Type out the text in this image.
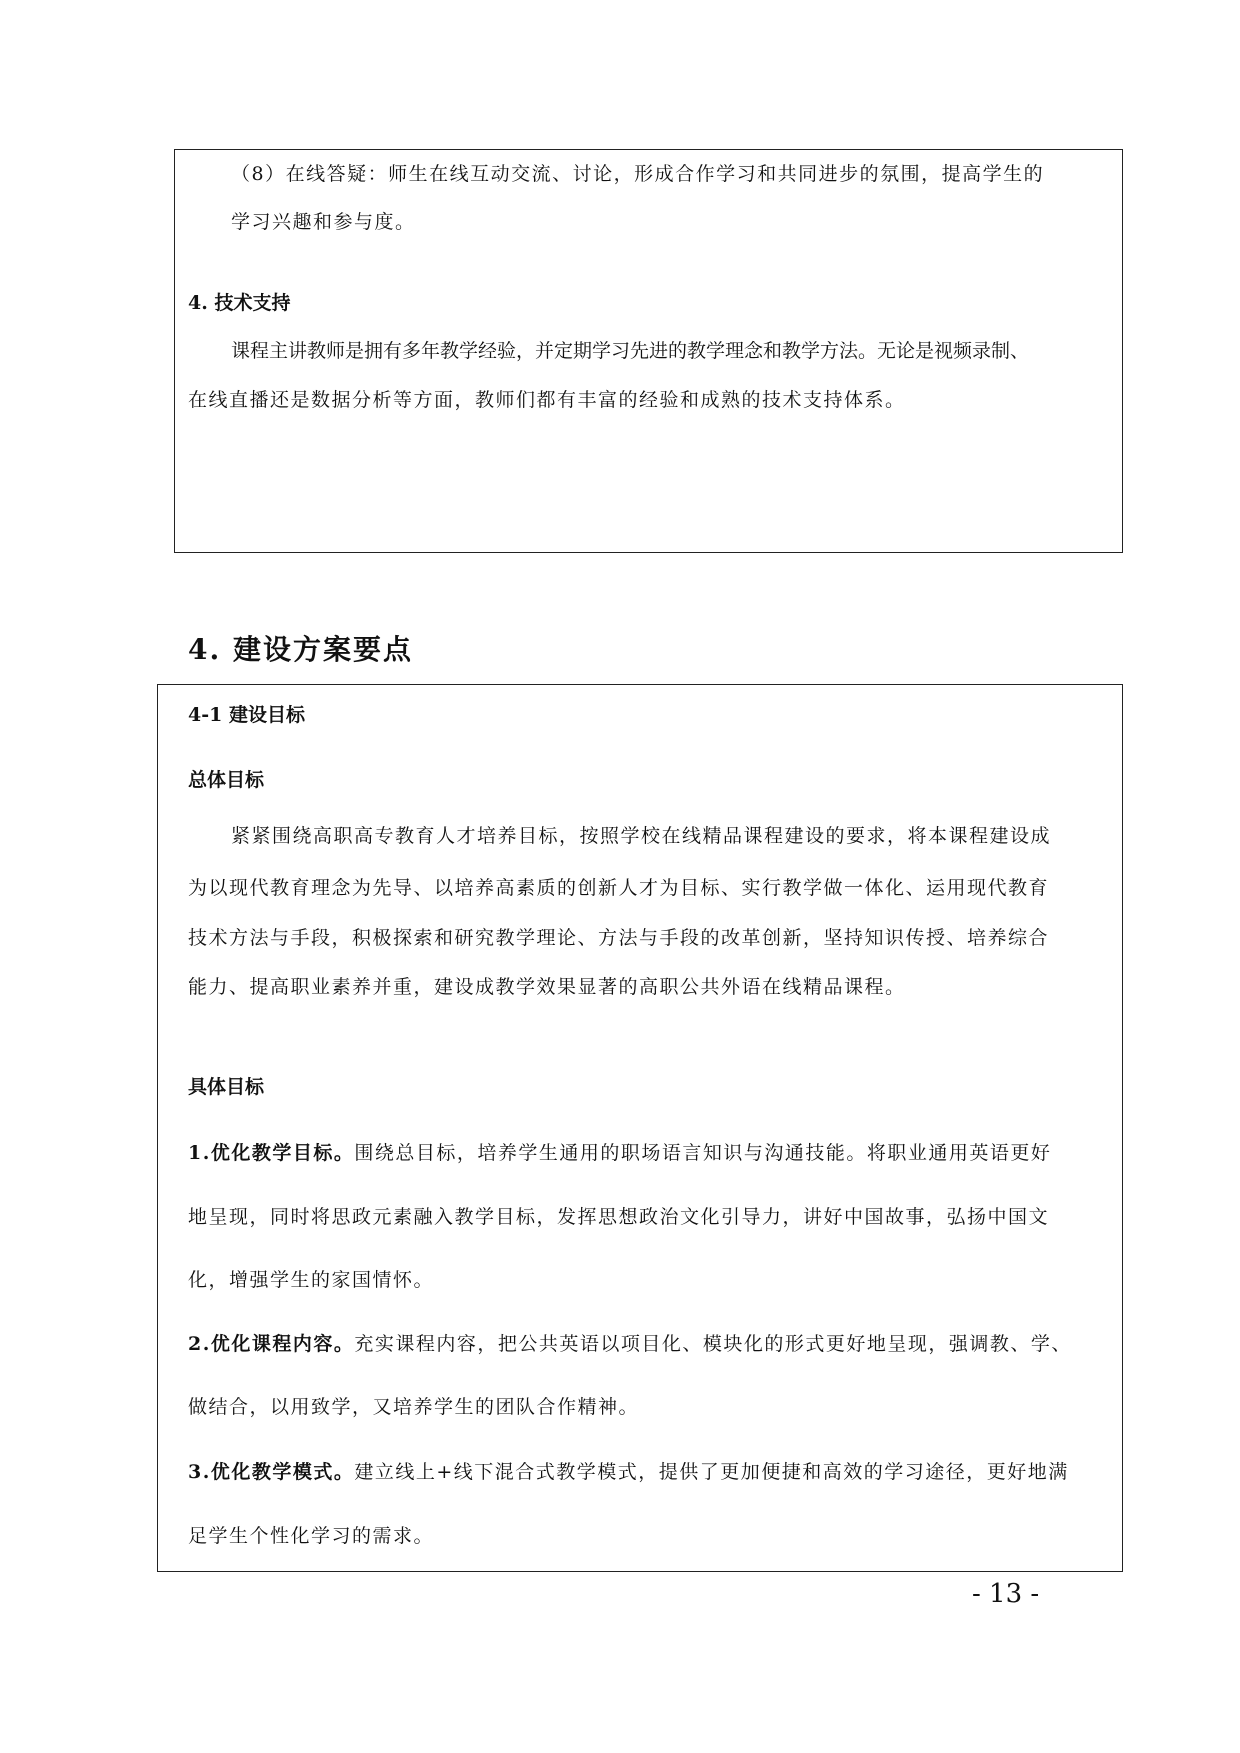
（8）在线答疑：师生在线互动交流、讨论，形成合作学习和共同进步的氛围，提高学生的
学习兴趣和参与度。
4. 技术支持
课程主讲教师是拥有多年教学经验，并定期学习先进的教学理念和教学方法。无论是视频录制、
在线直播还是数据分析等方面，教师们都有丰富的经验和成熟的技术支持体系。
4. 建设方案要点
4-1 建设目标
总体目标
紧紧围绕高职高专教育人才培养目标，按照学校在线精品课程建设的要求，将本课程建设成
为以现代教育理念为先导、以培养高素质的创新人才为目标、实行教学做一体化、运用现代教育
技术方法与手段，积极探索和研究教学理论、方法与手段的改革创新，坚持知识传授、培养综合
能力、提高职业素养并重，建设成教学效果显著的高职公共外语在线精品课程。
具体目标
1.优化教学目标。围绕总目标，培养学生通用的职场语言知识与沟通技能。将职业通用英语更好
地呈现，同时将思政元素融入教学目标，发挥思想政治文化引导力，讲好中国故事，弘扬中国文
化，增强学生的家国情怀。
2.优化课程内容。充实课程内容，把公共英语以项目化、模块化的形式更好地呈现，强调教、学、
做结合，以用致学，又培养学生的团队合作精神。
3.优化教学模式。建立线上+线下混合式教学模式，提供了更加便捷和高效的学习途径，更好地满
足学生个性化学习的需求。
- 13 -
